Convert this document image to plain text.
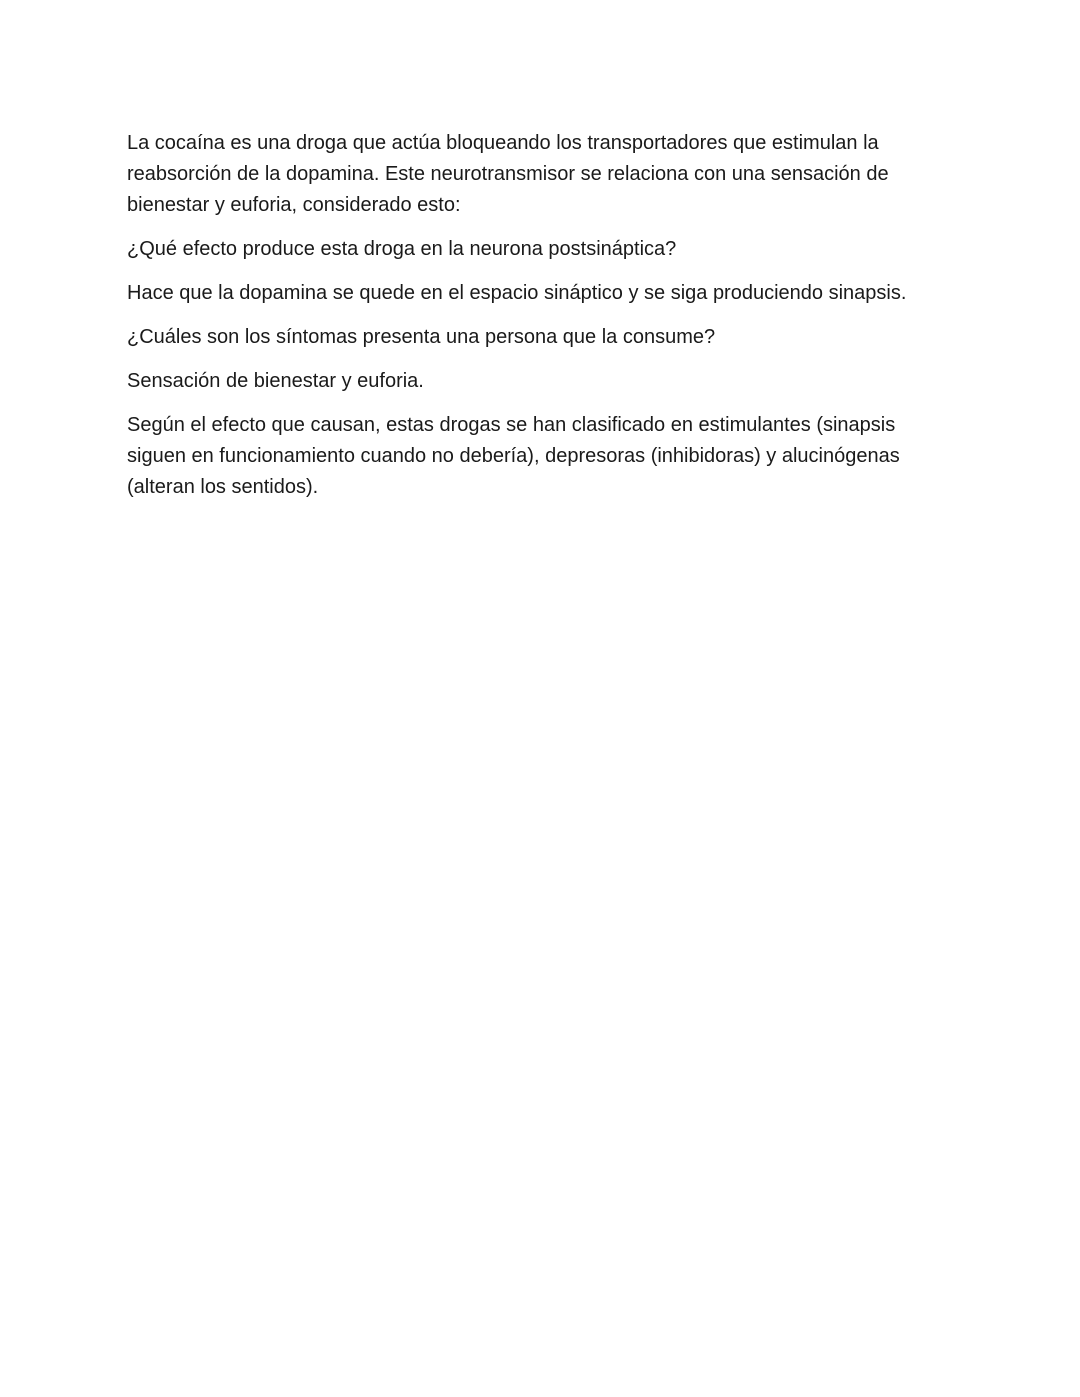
La cocaína es una droga que actúa bloqueando los transportadores que estimulan la
reabsorción de la dopamina. Este neurotransmisor se relaciona con una sensación de
bienestar y euforia, considerado esto:

¿Qué efecto produce esta droga en la neurona postsináptica?

Hace que la dopamina se quede en el espacio sináptico y se siga produciendo sinapsis.

¿Cuáles son los síntomas presenta una persona que la consume?

Sensación de bienestar y euforia.

Según el efecto que causan, estas drogas se han clasificado en estimulantes (sinapsis
siguen en funcionamiento cuando no debería), depresoras (inhibidoras) y alucinógenas
(alteran los sentidos).
